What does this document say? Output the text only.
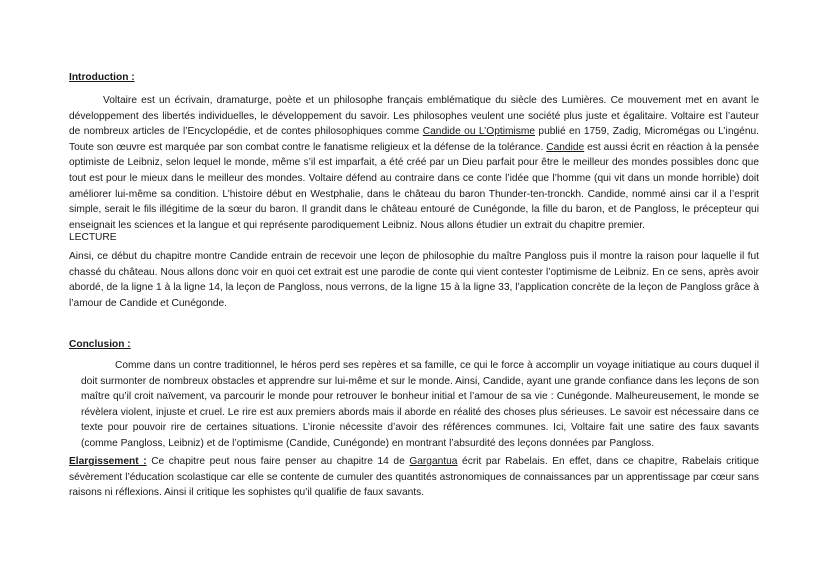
Introduction :
Voltaire est un écrivain, dramaturge, poète et un philosophe français emblématique du siècle des Lumières. Ce mouvement met en avant le développement des libertés individuelles, le développement du savoir. Les philosophes veulent une société plus juste et égalitaire. Voltaire est l’auteur de nombreux articles de l’Encyclopédie, et de contes philosophiques comme Candide ou L’Optimisme publié en 1759, Zadig, Micromégas ou L’ingénu. Toute son œuvre est marquée par son combat contre le fanatisme religieux et la défense de la tolérance. Candide est aussi écrit en réaction à la pensée optimiste de Leibniz, selon lequel le monde, même s’il est imparfait, a été créé par un Dieu parfait pour être le meilleur des mondes possibles donc que tout est pour le mieux dans le meilleur des mondes. Voltaire défend au contraire dans ce conte l’idée que l’homme (qui vit dans un monde horrible) doit améliorer lui-même sa condition. L’histoire début en Westphalie, dans le château du baron Thunder-ten-tronckh. Candide, nommé ainsi car il a l’esprit simple, serait le fils illégitime de la sœur du baron. Il grandit dans le château entouré de Cunégonde, la fille du baron, et de Pangloss, le précepteur qui enseignait les sciences et la langue et qui représente parodiquement Leibniz. Nous allons étudier un extrait du chapitre premier.
LECTURE
Ainsi, ce début du chapitre montre Candide entrain de recevoir une leçon de philosophie du maître Pangloss puis il montre la raison pour laquelle il fut chassé du château. Nous allons donc voir en quoi cet extrait est une parodie de conte qui vient contester l’optimisme de Leibniz. En ce sens, après avoir abordé, de la ligne 1 à la ligne 14, la leçon de Pangloss, nous verrons, de la ligne 15 à la ligne 33, l’application concrète de la leçon de Pangloss grâce à l’amour de Candide et Cunégonde.
Conclusion :
Comme dans un contre traditionnel, le héros perd ses repères et sa famille, ce qui le force à accomplir un voyage initiatique au cours duquel il doit surmonter de nombreux obstacles et apprendre sur lui-même et sur le monde. Ainsi, Candide, ayant une grande confiance dans les leçons de son maître qu’il croit naïvement, va parcourir le monde pour retrouver le bonheur initial et l’amour de sa vie : Cunégonde. Malheureusement, le monde se révèlera violent, injuste et cruel. Le rire est aux premiers abords mais il aborde en réalité des choses plus sérieuses. Le savoir est nécessaire dans ce texte pour pouvoir rire de certaines situations. L’ironie nécessite d’avoir des références communes. Ici, Voltaire fait une satire des faux savants (comme Pangloss, Leibniz) et de l’optimisme (Candide, Cunégonde) en montrant l’absurdité des leçons données par Pangloss.
Elargissement : Ce chapitre peut nous faire penser au chapitre 14 de Gargantua écrit par Rabelais. En effet, dans ce chapitre, Rabelais critique sévèrement l’éducation scolastique car elle se contente de cumuler des quantités astronomiques de connaissances par un apprentissage par cœur sans raisons ni réflexions. Ainsi il critique les sophistes qu’il qualifie de faux savants.
